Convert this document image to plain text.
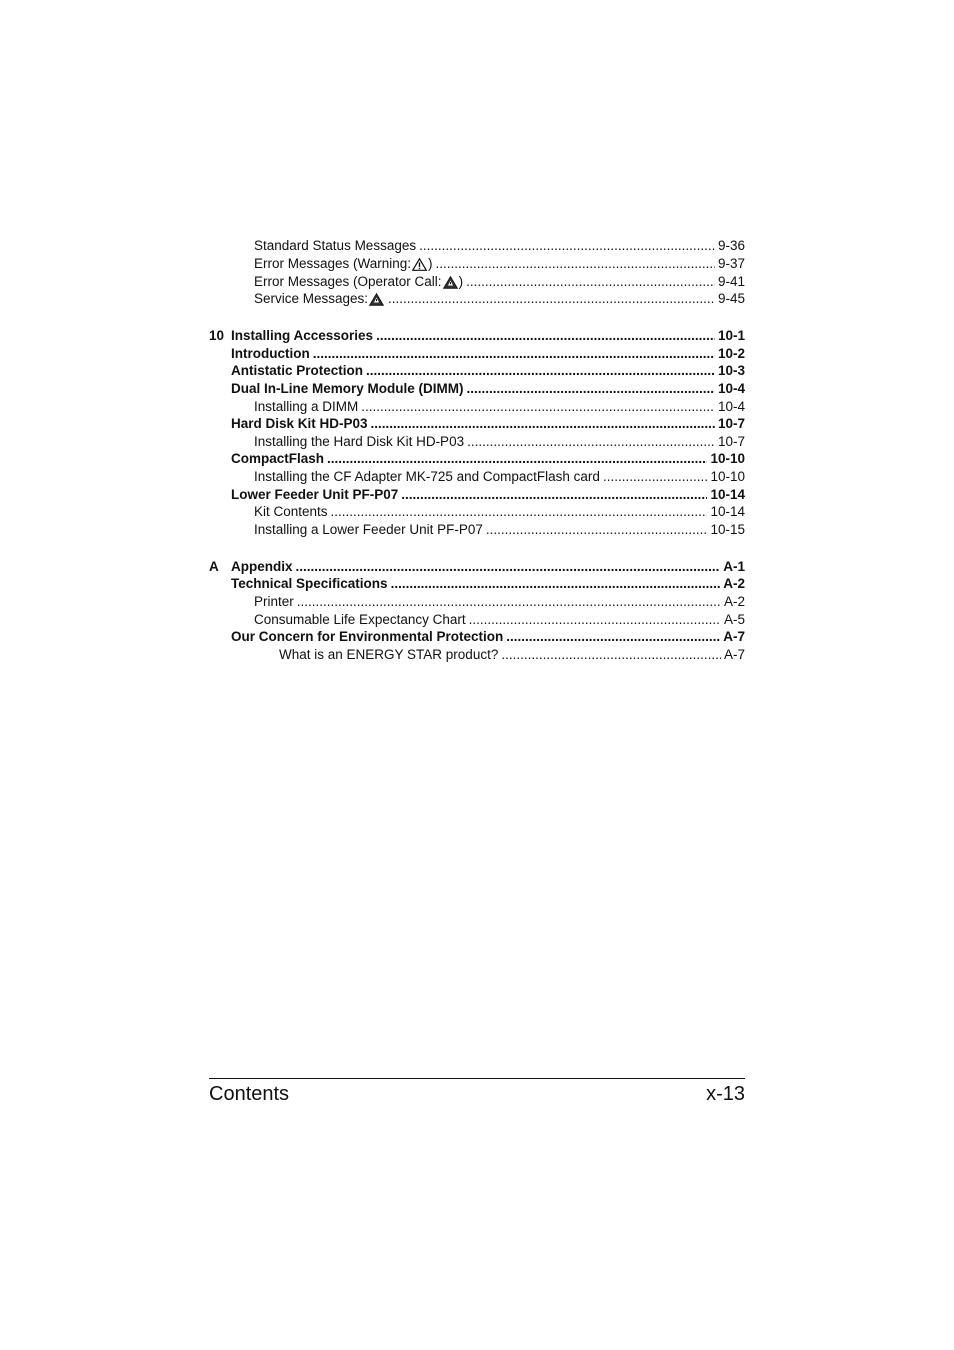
Standard Status Messages .....	9-36
Error Messages (Warning: ) .....	9-37
Error Messages (Operator Call: ) .....	9-41
Service Messages: .....	9-45
10 Installing Accessories .....	10-1
Introduction .....	10-2
Antistatic Protection .....	10-3
Dual In-Line Memory Module (DIMM) .....	10-4
Installing a DIMM .....	10-4
Hard Disk Kit HD-P03 .....	10-7
Installing the Hard Disk Kit HD-P03 .....	10-7
CompactFlash .....	10-10
Installing the CF Adapter MK-725 and CompactFlash card .....	10-10
Lower Feeder Unit PF-P07 .....	10-14
Kit Contents .....	10-14
Installing a Lower Feeder Unit PF-P07 .....	10-15
A Appendix .....	A-1
Technical Specifications .....	A-2
Printer .....	A-2
Consumable Life Expectancy Chart .....	A-5
Our Concern for Environmental Protection .....	A-7
What is an ENERGY STAR product? .....	A-7
Contents	x-13
